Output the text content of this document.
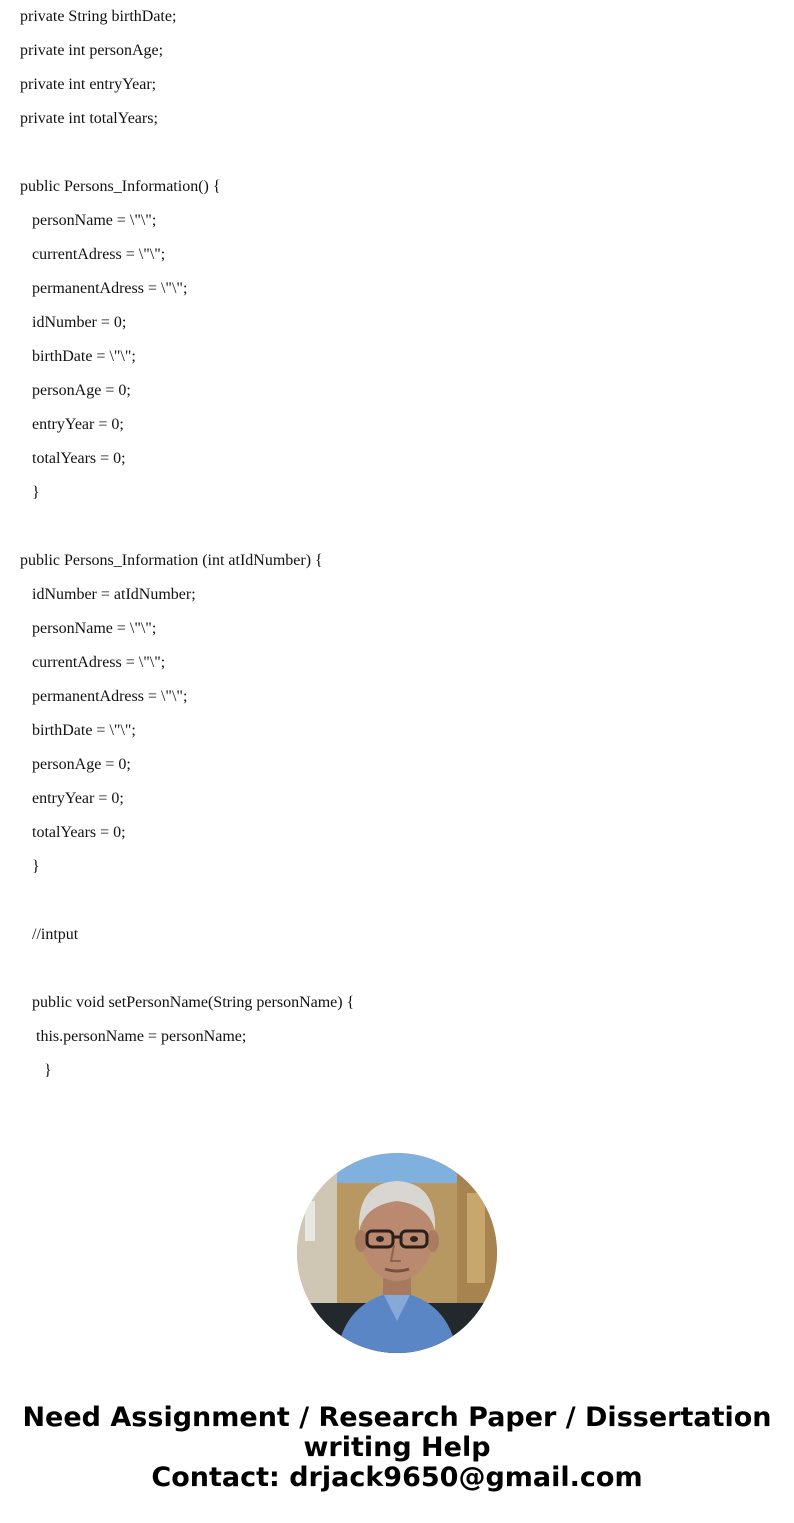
private String birthDate;
private int personAge;
private int entryYear;
private int totalYears;
public Persons_Information() {
personName = \"\";
currentAdress = \"\";
permanentAdress = \"\";
idNumber = 0;
birthDate = \"\";
personAge = 0;
entryYear = 0;
totalYears = 0;
}
public Persons_Information (int atIdNumber) {
idNumber = atIdNumber;
personName = \"\";
currentAdress = \"\";
permanentAdress = \"\";
birthDate = \"\";
personAge = 0;
entryYear = 0;
totalYears = 0;
}
//intput
public void setPersonName(String personName) {
this.personName = personName;
}
Need Assignment / Research Paper / Dissertation
writing Help
Contact: drjack9650@gmail.com
